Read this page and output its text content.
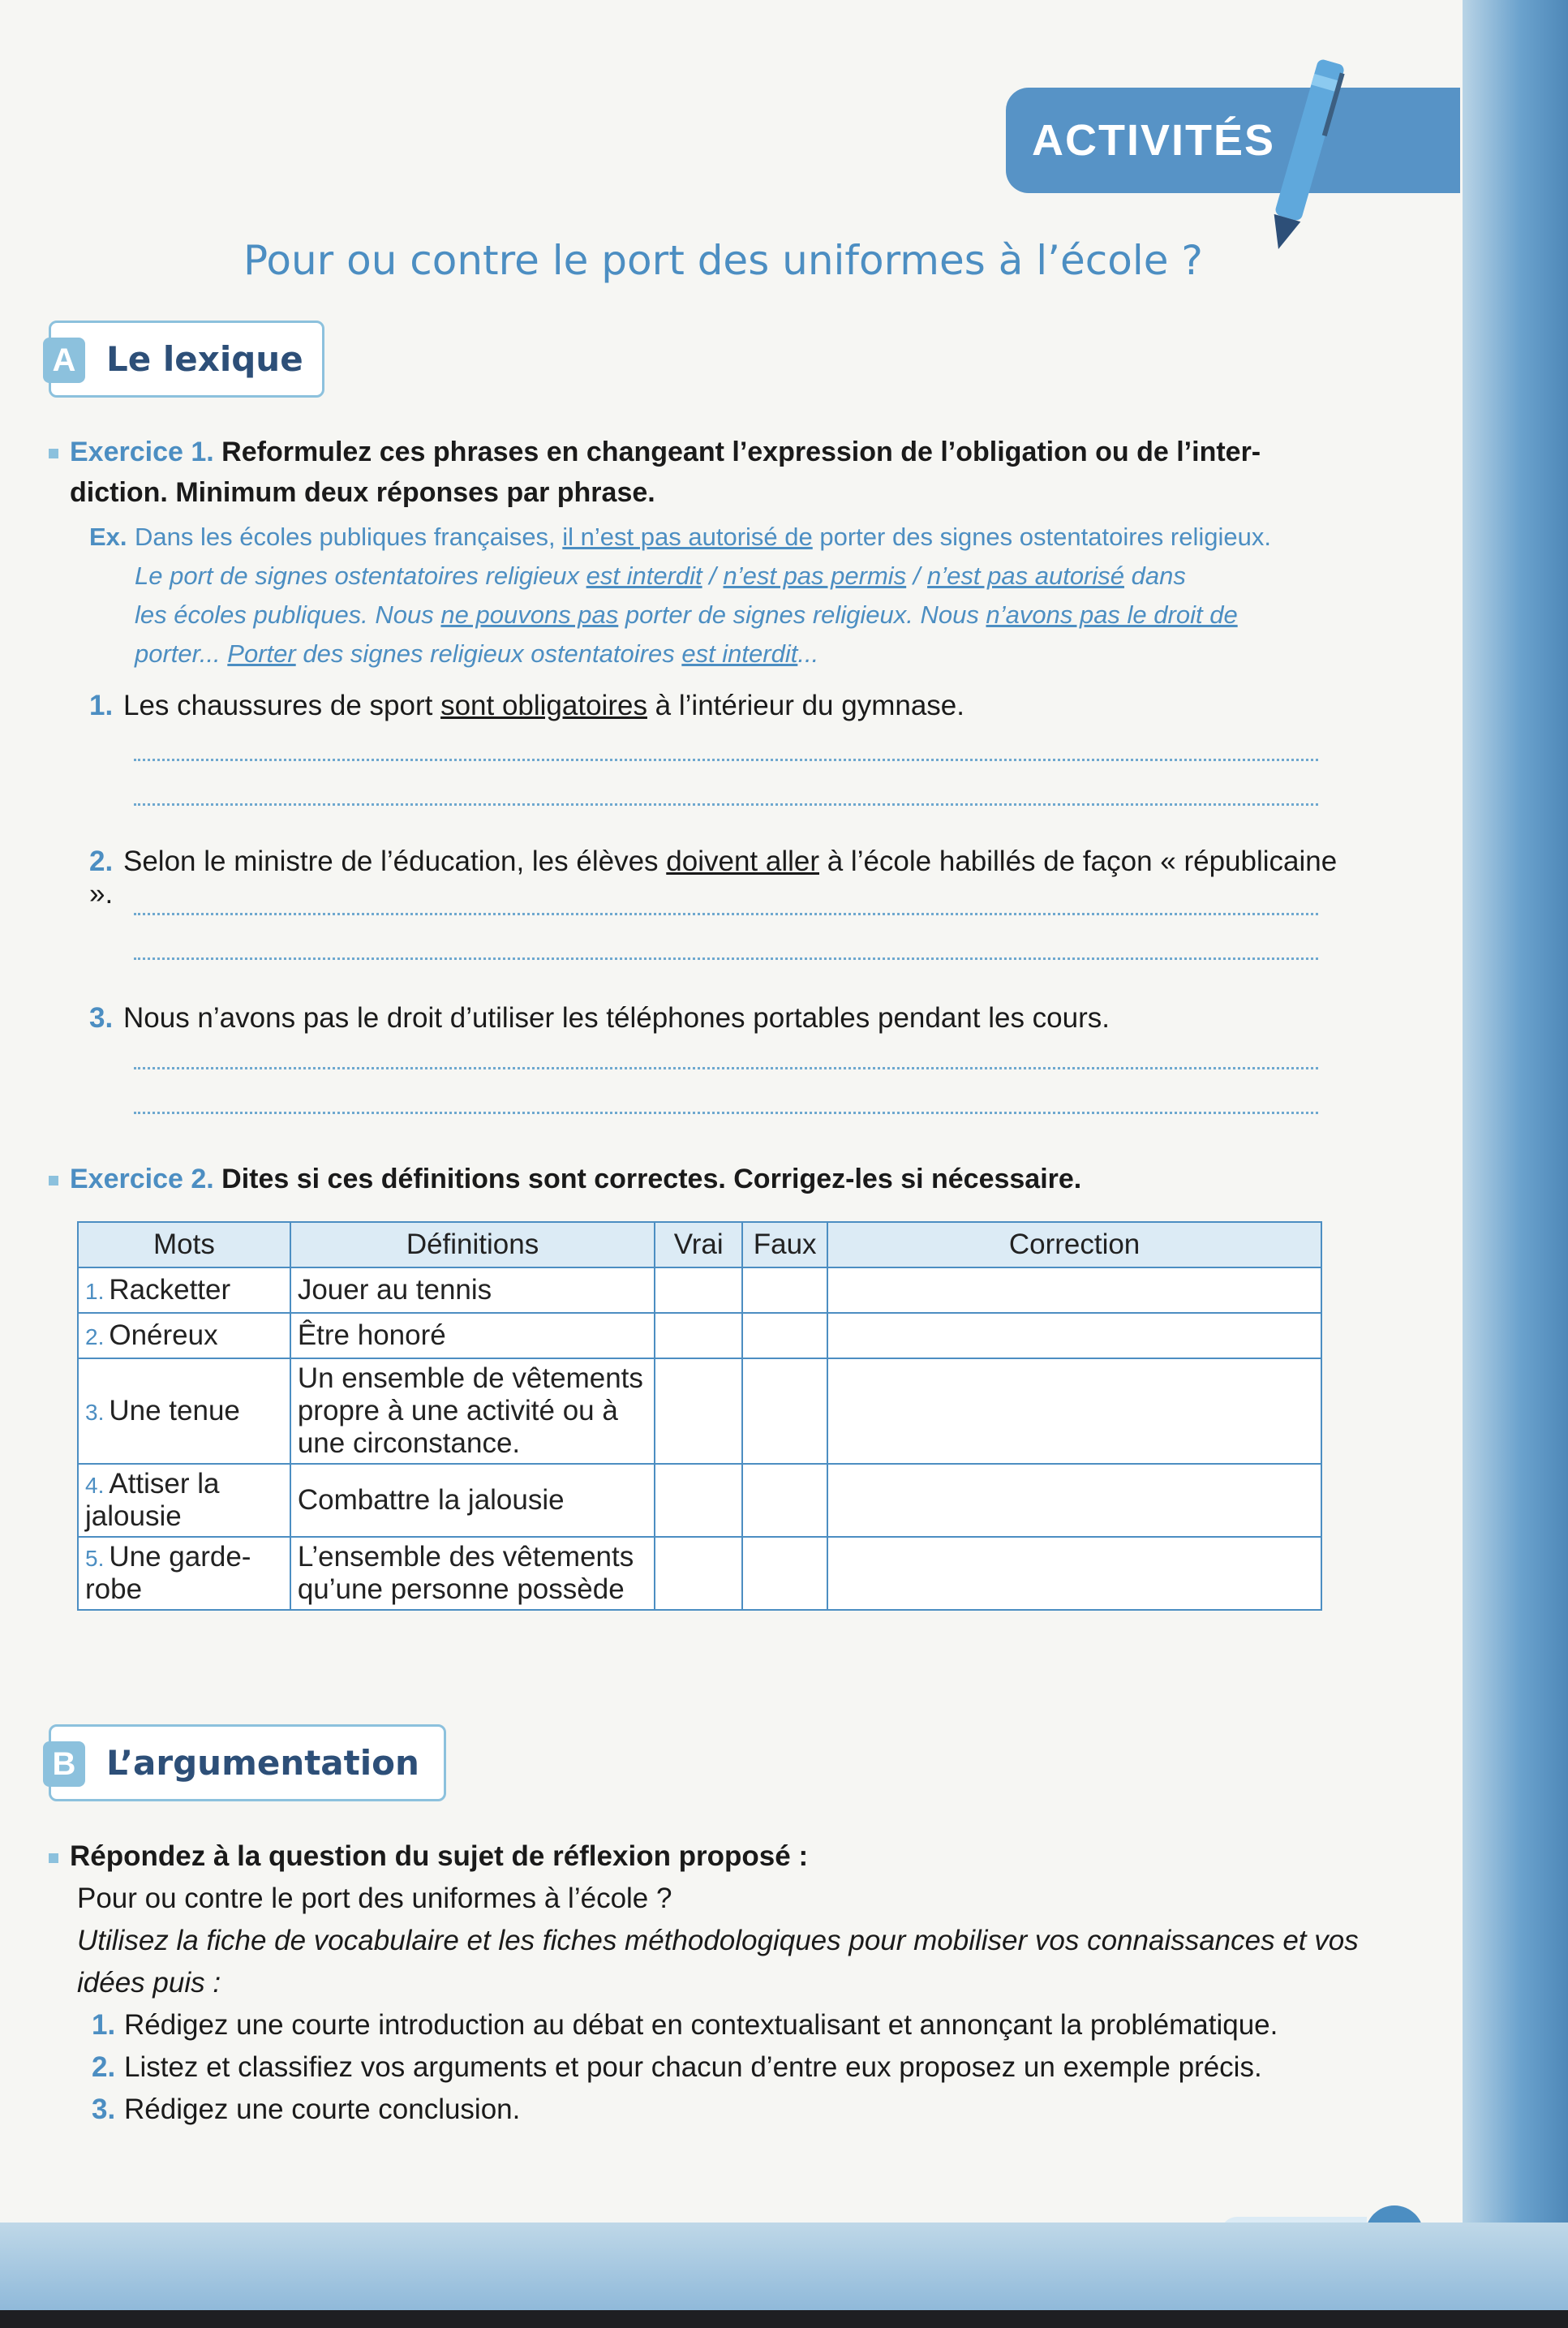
ACTIVITÉS
Pour ou contre le port des uniformes à l’école ?
A Le lexique
Exercice 1. Reformulez ces phrases en changeant l’expression de l’obligation ou de l’inter-
diction. Minimum deux réponses par phrase.
Ex. Dans les écoles publiques françaises, il n’est pas autorisé de porter des signes ostentatoires religieux.
Le port de signes ostentatoires religieux est interdit / n’est pas permis / n’est pas autorisé dans
les écoles publiques. Nous ne pouvons pas porter de signes religieux. Nous n’avons pas le droit de
porter... Porter des signes religieux ostentatoires est interdit...
1. Les chaussures de sport sont obligatoires à l’intérieur du gymnase.
2. Selon le ministre de l’éducation, les élèves doivent aller à l’école habillés de façon « républicaine ».
3. Nous n’avons pas le droit d’utiliser les téléphones portables pendant les cours.
Exercice 2. Dites si ces définitions sont correctes. Corrigez-les si nécessaire.
Mots	Définitions	Vrai	Faux	Correction
1. Racketter	Jouer au tennis			
2. Onéreux	Être honoré			
3. Une tenue	Un ensemble de vêtements propre à une activité ou à une circonstance.			
4. Attiser la jalousie	Combattre la jalousie			
5. Une garde-robe	L’ensemble des vêtements qu’une personne possède			
B L’argumentation
Répondez à la question du sujet de réflexion proposé :
Pour ou contre le port des uniformes à l’école ?
Utilisez la fiche de vocabulaire et les fiches méthodologiques pour mobiliser vos connaissances et vos idées puis :
1. Rédigez une courte introduction au débat en contextualisant et annonçant la problématique.
2. Listez et classifiez vos arguments et pour chacun d’entre eux proposez un exemple précis.
3. Rédigez une courte conclusion.
